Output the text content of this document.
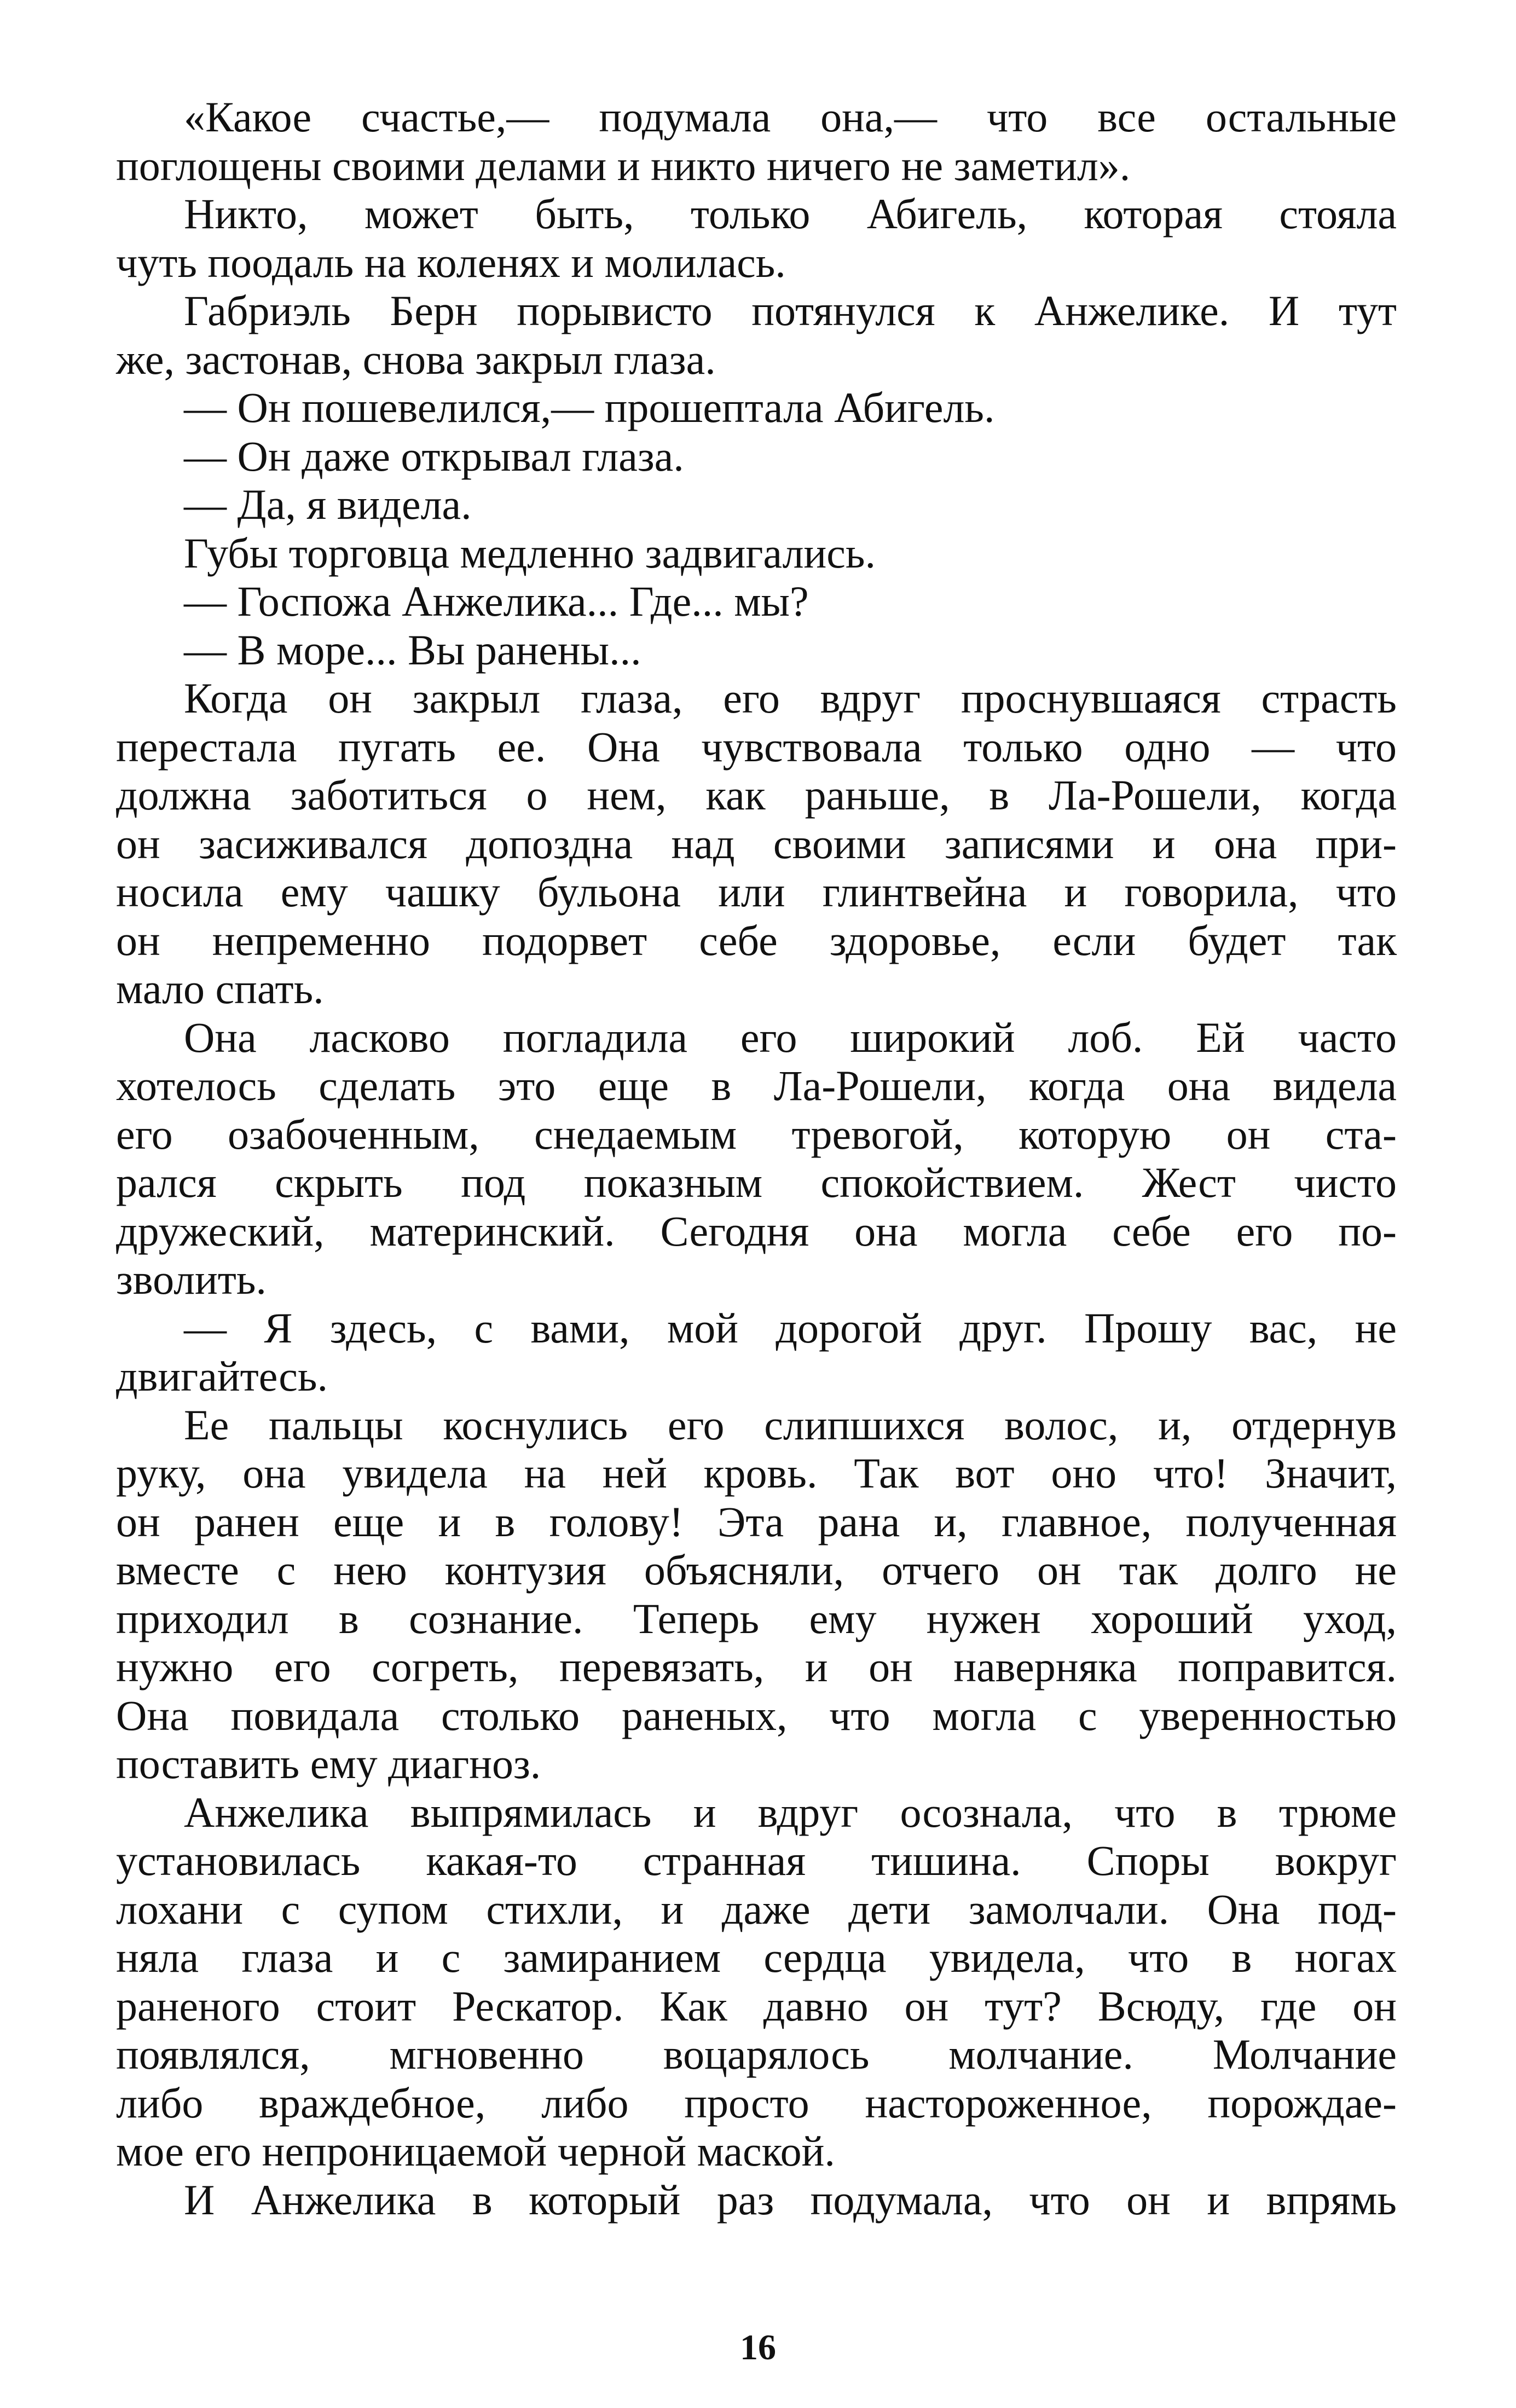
«Какое счастье,— подумала она,— что все остальные
поглощены своими делами и никто ничего не заметил».
Никто, может быть, только Абигель, которая стояла
чуть поодаль на коленях и молилась.
Габриэль Берн порывисто потянулся к Анжелике. И тут
же, застонав, снова закрыл глаза.
— Он пошевелился,— прошептала Абигель.
— Он даже открывал глаза.
— Да, я видела.
Губы торговца медленно задвигались.
— Госпожа Анжелика... Где... мы?
— В море... Вы ранены...
Когда он закрыл глаза, его вдруг проснувшаяся страсть
перестала пугать ее. Она чувствовала только одно — что
должна заботиться о нем, как раньше, в Ла-Рошели, когда
он засиживался допоздна над своими записями и она при-
носила ему чашку бульона или глинтвейна и говорила, что
он непременно подорвет себе здоровье, если будет так
мало спать.
Она ласково погладила его широкий лоб. Ей часто
хотелось сделать это еще в Ла-Рошели, когда она видела
его озабоченным, снедаемым тревогой, которую он ста-
рался скрыть под показным спокойствием. Жест чисто
дружеский, материнский. Сегодня она могла себе его по-
зволить.
— Я здесь, с вами, мой дорогой друг. Прошу вас, не
двигайтесь.
Ее пальцы коснулись его слипшихся волос, и, отдернув
руку, она увидела на ней кровь. Так вот оно что! Значит,
он ранен еще и в голову! Эта рана и, главное, полученная
вместе с нею контузия объясняли, отчего он так долго не
приходил в сознание. Теперь ему нужен хороший уход,
нужно его согреть, перевязать, и он наверняка поправится.
Она повидала столько раненых, что могла с уверенностью
поставить ему диагноз.
Анжелика выпрямилась и вдруг осознала, что в трюме
установилась какая-то странная тишина. Споры вокруг
лохани с супом стихли, и даже дети замолчали. Она под-
няла глаза и с замиранием сердца увидела, что в ногах
раненого стоит Рескатор. Как давно он тут? Всюду, где он
появлялся, мгновенно воцарялось молчание. Молчание
либо враждебное, либо просто настороженное, порождае-
мое его непроницаемой черной маской.
И Анжелика в который раз подумала, что он и впрямь
16
